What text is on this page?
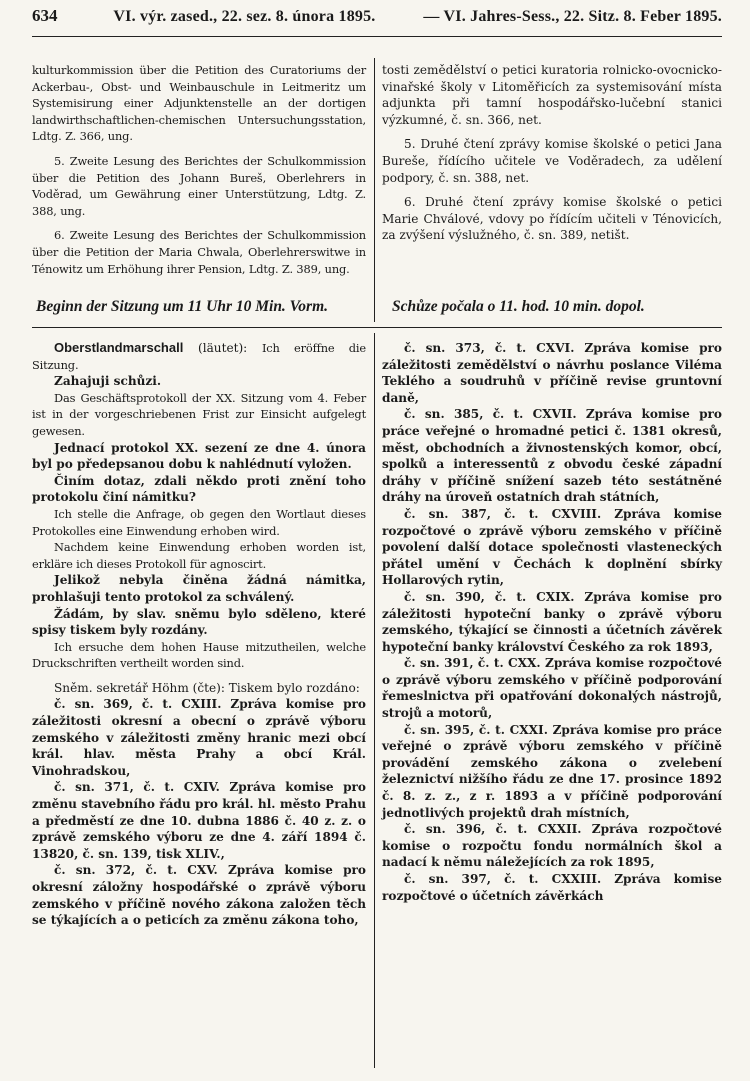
634	VI. výr. zased., 22. sez. 8. února 1895.	— VI. Jahres-Sess., 22. Sitz. 8. Feber 1895.

kulturkommission über die Petition des Curatoriums der Ackerbau-, Obst- und Weinbauschule in Leitmeritz um Systemisirung einer Adjunktenstelle an der dortigen landwirthschaftlichen-chemischen Untersuchungsstation, Ldtg. Z. 366, ung.

5. Zweite Lesung des Berichtes der Schulkommission über die Petition des Johann Bureš, Oberlehrers in Voděrad, um Gewährung einer Unterstützung, Ldtg. Z. 388, ung.

6. Zweite Lesung des Berichtes der Schulkommission über die Petition der Maria Chwala, Oberlehrerswitwe in Ténowitz um Erhöhung ihrer Pension, Ldtg. Z. 389, ung.

tosti zemědělství o petici kuratoria rolnicko-ovocnicko-vinařské školy v Litoměřicích za systemisování místa adjunkta při tamní hospodářsko-lučební stanici výzkumné, č. sn. 366, net.

5. Druhé čtení zprávy komise školské o petici Jana Bureše, řídícího učitele ve Voděradech, za udělení podpory, č. sn. 388, net.

6. Druhé čtení zprávy komise školské o petici Marie Chválové, vdovy po řídícím učiteli v Ténovicích, za zvýšení výslužného, č. sn. 389, netišt.

Beginn der Sitzung um 11 Uhr 10 Min. Vorm.	Schůze počala o 11. hod. 10 min. dopol.

Oberstlandmarschall (läutet): Ich eröffne die Sitzung.

Zahajuji schůzi.

Das Geschäftsprotokoll der XX. Sitzung vom 4. Feber ist in der vorgeschriebenen Frist zur Einsicht aufgelegt gewesen.

Jednací protokol XX. sezení ze dne 4. února byl po předepsanou dobu k nahlédnutí vyložen.

Činím dotaz, zdali někdo proti znění toho protokolu činí námitku?

Ich stelle die Anfrage, ob gegen den Wortlaut dieses Protokolles eine Einwendung erhoben wird.

Nachdem keine Einwendung erhoben worden ist, erkläre ich dieses Protokoll für agnoscirt.

Jelikož nebyla činěna žádná námitka, prohlašuji tento protokol za schválený.

Žádám, by slav. sněmu bylo sděleno, které spisy tiskem byly rozdány.

Ich ersuche dem hohen Hause mitzutheilen, welche Druckschriften vertheilt worden sind.

Sněm. sekretář Höhm (čte): Tiskem bylo rozdáno:

č. sn. 369, č. t. CXIII. Zpráva komise pro záležitosti okresní a obecní o zprávě výboru zemského v záležitosti změny hranic mezi obcí král. hlav. města Prahy a obcí Král. Vinohradskou,

č. sn. 371, č. t. CXIV. Zpráva komise pro změnu stavebního řádu pro král. hl. město Prahu a předměstí ze dne 10. dubna 1886 č. 40 z. z. o zprávě zemského výboru ze dne 4. září 1894 č. 13820, č. sn. 139, tisk XLIV.,

č. sn. 372, č. t. CXV. Zpráva komise pro okresní záložny hospodářské o zprávě výboru zemského v příčině nového zákona založen těch se týkajících a o peticích za změnu zákona toho,

č. sn. 373, č. t. CXVI. Zpráva komise pro záležitosti zemědělství o návrhu poslance Viléma Teklého a soudruhů v příčině revise gruntovní daně,

č. sn. 385, č. t. CXVII. Zpráva komise pro práce veřejné o hromadné petici č. 1381 okresů, měst, obchodních a živnostenských komor, obcí, spolků a interessentů z obvodu české západní dráhy v příčině snížení sazeb této sestátněné dráhy na úroveň ostatních drah státních,

č. sn. 387, č. t. CXVIII. Zpráva komise rozpočtové o zprávě výboru zemského v příčině povolení další dotace společnosti vlasteneckých přátel umění v Čechách k doplnění sbírky Hollarových rytin,

č. sn. 390, č. t. CXIX. Zpráva komise pro záležitosti hypoteční banky o zprávě výboru zemského, týkající se činnosti a účetních závěrek hypoteční banky království Českého za rok 1893,

č. sn. 391, č. t. CXX. Zpráva komise rozpočtové o zprávě výboru zemského v příčině podporování řemeslnictva při opatřování dokonalých nástrojů, strojů a motorů,

č. sn. 395, č. t. CXXI. Zpráva komise pro práce veřejné o zprávě výboru zemského v příčině provádění zemského zákona o zvelebení železnictví nižšího řádu ze dne 17. prosince 1892 č. 8. z. z., z r. 1893 a v příčině podporování jednotlivých projektů drah místních,

č. sn. 396, č. t. CXXII. Zpráva rozpočtové komise o rozpočtu fondu normálních škol a nadací k němu náležejících za rok 1895,

č. sn. 397, č. t. CXXIII. Zpráva komise rozpočtové o účetních závěrkách
